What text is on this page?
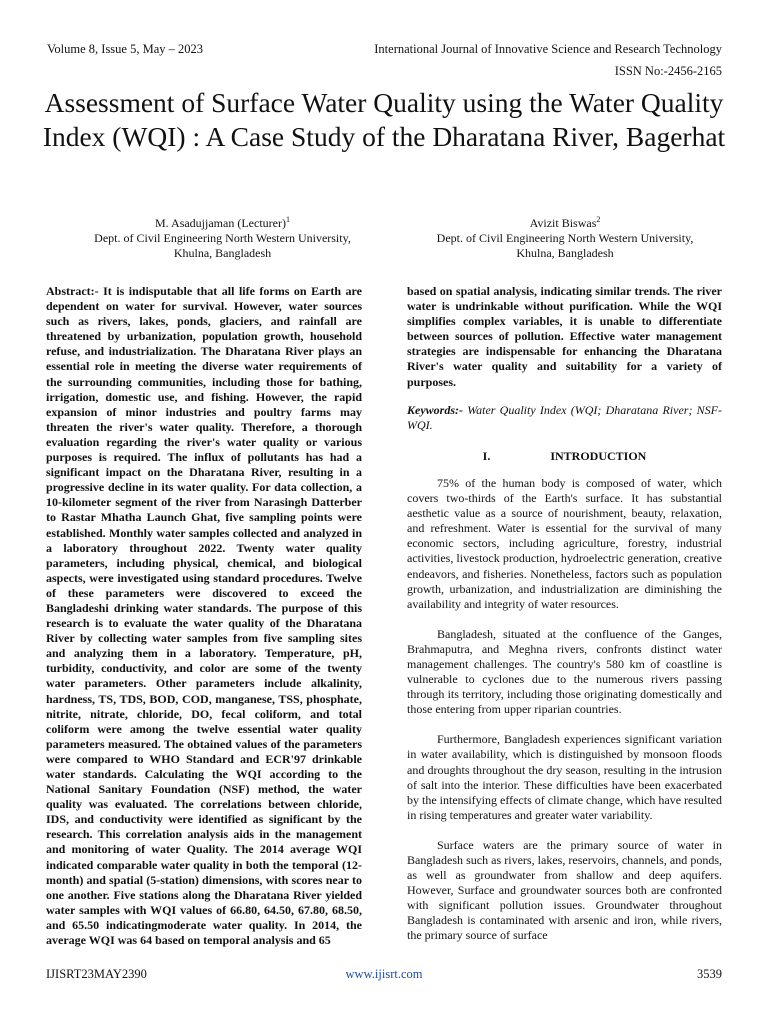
Volume 8, Issue 5, May – 2023	International Journal of Innovative Science and Research Technology
ISSN No:-2456-2165
Assessment of Surface Water Quality using the Water Quality Index (WQI) : A Case Study of the Dharatana River, Bagerhat
M. Asadujjaman (Lecturer)$^1$
Dept. of Civil Engineering North Western University,
Khulna, Bangladesh
Avizit Biswas$^2$
Dept. of Civil Engineering North Western University,
Khulna, Bangladesh

Abstract:- It is indisputable that all life forms on Earth are dependent on water for survival. However, water sources such as rivers, lakes, ponds, glaciers, and rainfall are threatened by urbanization, population growth, household refuse, and industrialization. The Dharatana River plays an essential role in meeting the diverse water requirements of the surrounding communities, including those for bathing, irrigation, domestic use, and fishing. However, the rapid expansion of minor industries and poultry farms may threaten the river's water quality. Therefore, a thorough evaluation regarding the river's water quality or various purposes is required. The influx of pollutants has had a significant impact on the Dharatana River, resulting in a progressive decline in its water quality. For data collection, a 10-kilometer segment of the river from Narasingh Datterber to Rastar Mhatha Launch Ghat, five sampling points were established. Monthly water samples collected and analyzed in a laboratory throughout 2022. Twenty water quality parameters, including physical, chemical, and biological aspects, were investigated using standard procedures. Twelve of these parameters were discovered to exceed the Bangladeshi drinking water standards. The purpose of this research is to evaluate the water quality of the Dharatana River by collecting water samples from five sampling sites and analyzing them in a laboratory. Temperature, pH, turbidity, conductivity, and color are some of the twenty water parameters. Other parameters include alkalinity, hardness, TS, TDS, BOD, COD, manganese, TSS, phosphate, nitrite, nitrate, chloride, DO, fecal coliform, and total coliform were among the twelve essential water quality parameters measured. The obtained values of the parameters were compared to WHO Standard and ECR'97 drinkable water standards. Calculating the WQI according to the National Sanitary Foundation (NSF) method, the water quality was evaluated. The correlations between chloride, IDS, and conductivity were identified as significant by the research. This correlation analysis aids in the management and monitoring of water Quality. The 2014 average WQI indicated comparable water quality in both the temporal (12-month) and spatial (5-station) dimensions, with scores near to one another. Five stations along the Dharatana River yielded water samples with WQI values of 66.80, 64.50, 67.80, 68.50, and 65.50 indicatingmoderate water quality. In 2014, the average WQI was 64 based on temporal analysis and 65

based on spatial analysis, indicating similar trends. The river water is undrinkable without purification. While the WQI simplifies complex variables, it is unable to differentiate between sources of pollution. Effective water management strategies are indispensable for enhancing the Dharatana River's water quality and suitability for a variety of purposes.

Keywords:- Water Quality Index (WQI; Dharatana River; NSF-WQI.

I.	INTRODUCTION

75% of the human body is composed of water, which covers two-thirds of the Earth's surface. It has substantial aesthetic value as a source of nourishment, beauty, relaxation, and refreshment. Water is essential for the survival of many economic sectors, including agriculture, forestry, industrial activities, livestock production, hydroelectric generation, creative endeavors, and fisheries. Nonetheless, factors such as population growth, urbanization, and industrialization are diminishing the availability and integrity of water resources.

Bangladesh, situated at the confluence of the Ganges, Brahmaputra, and Meghna rivers, confronts distinct water management challenges. The country's 580 km of coastline is vulnerable to cyclones due to the numerous rivers passing through its territory, including those originating domestically and those entering from upper riparian countries.

Furthermore, Bangladesh experiences significant variation in water availability, which is distinguished by monsoon floods and droughts throughout the dry season, resulting in the intrusion of salt into the interior. These difficulties have been exacerbated by the intensifying effects of climate change, which have resulted in rising temperatures and greater water variability.

Surface waters are the primary source of water in Bangladesh such as rivers, lakes, reservoirs, channels, and ponds, as well as groundwater from shallow and deep aquifers. However, Surface and groundwater sources both are confronted with significant pollution issues. Groundwater throughout Bangladesh is contaminated with arsenic and iron, while rivers, the primary source of surface

IJISRT23MAY2390	www.ijisrt.com	3539
